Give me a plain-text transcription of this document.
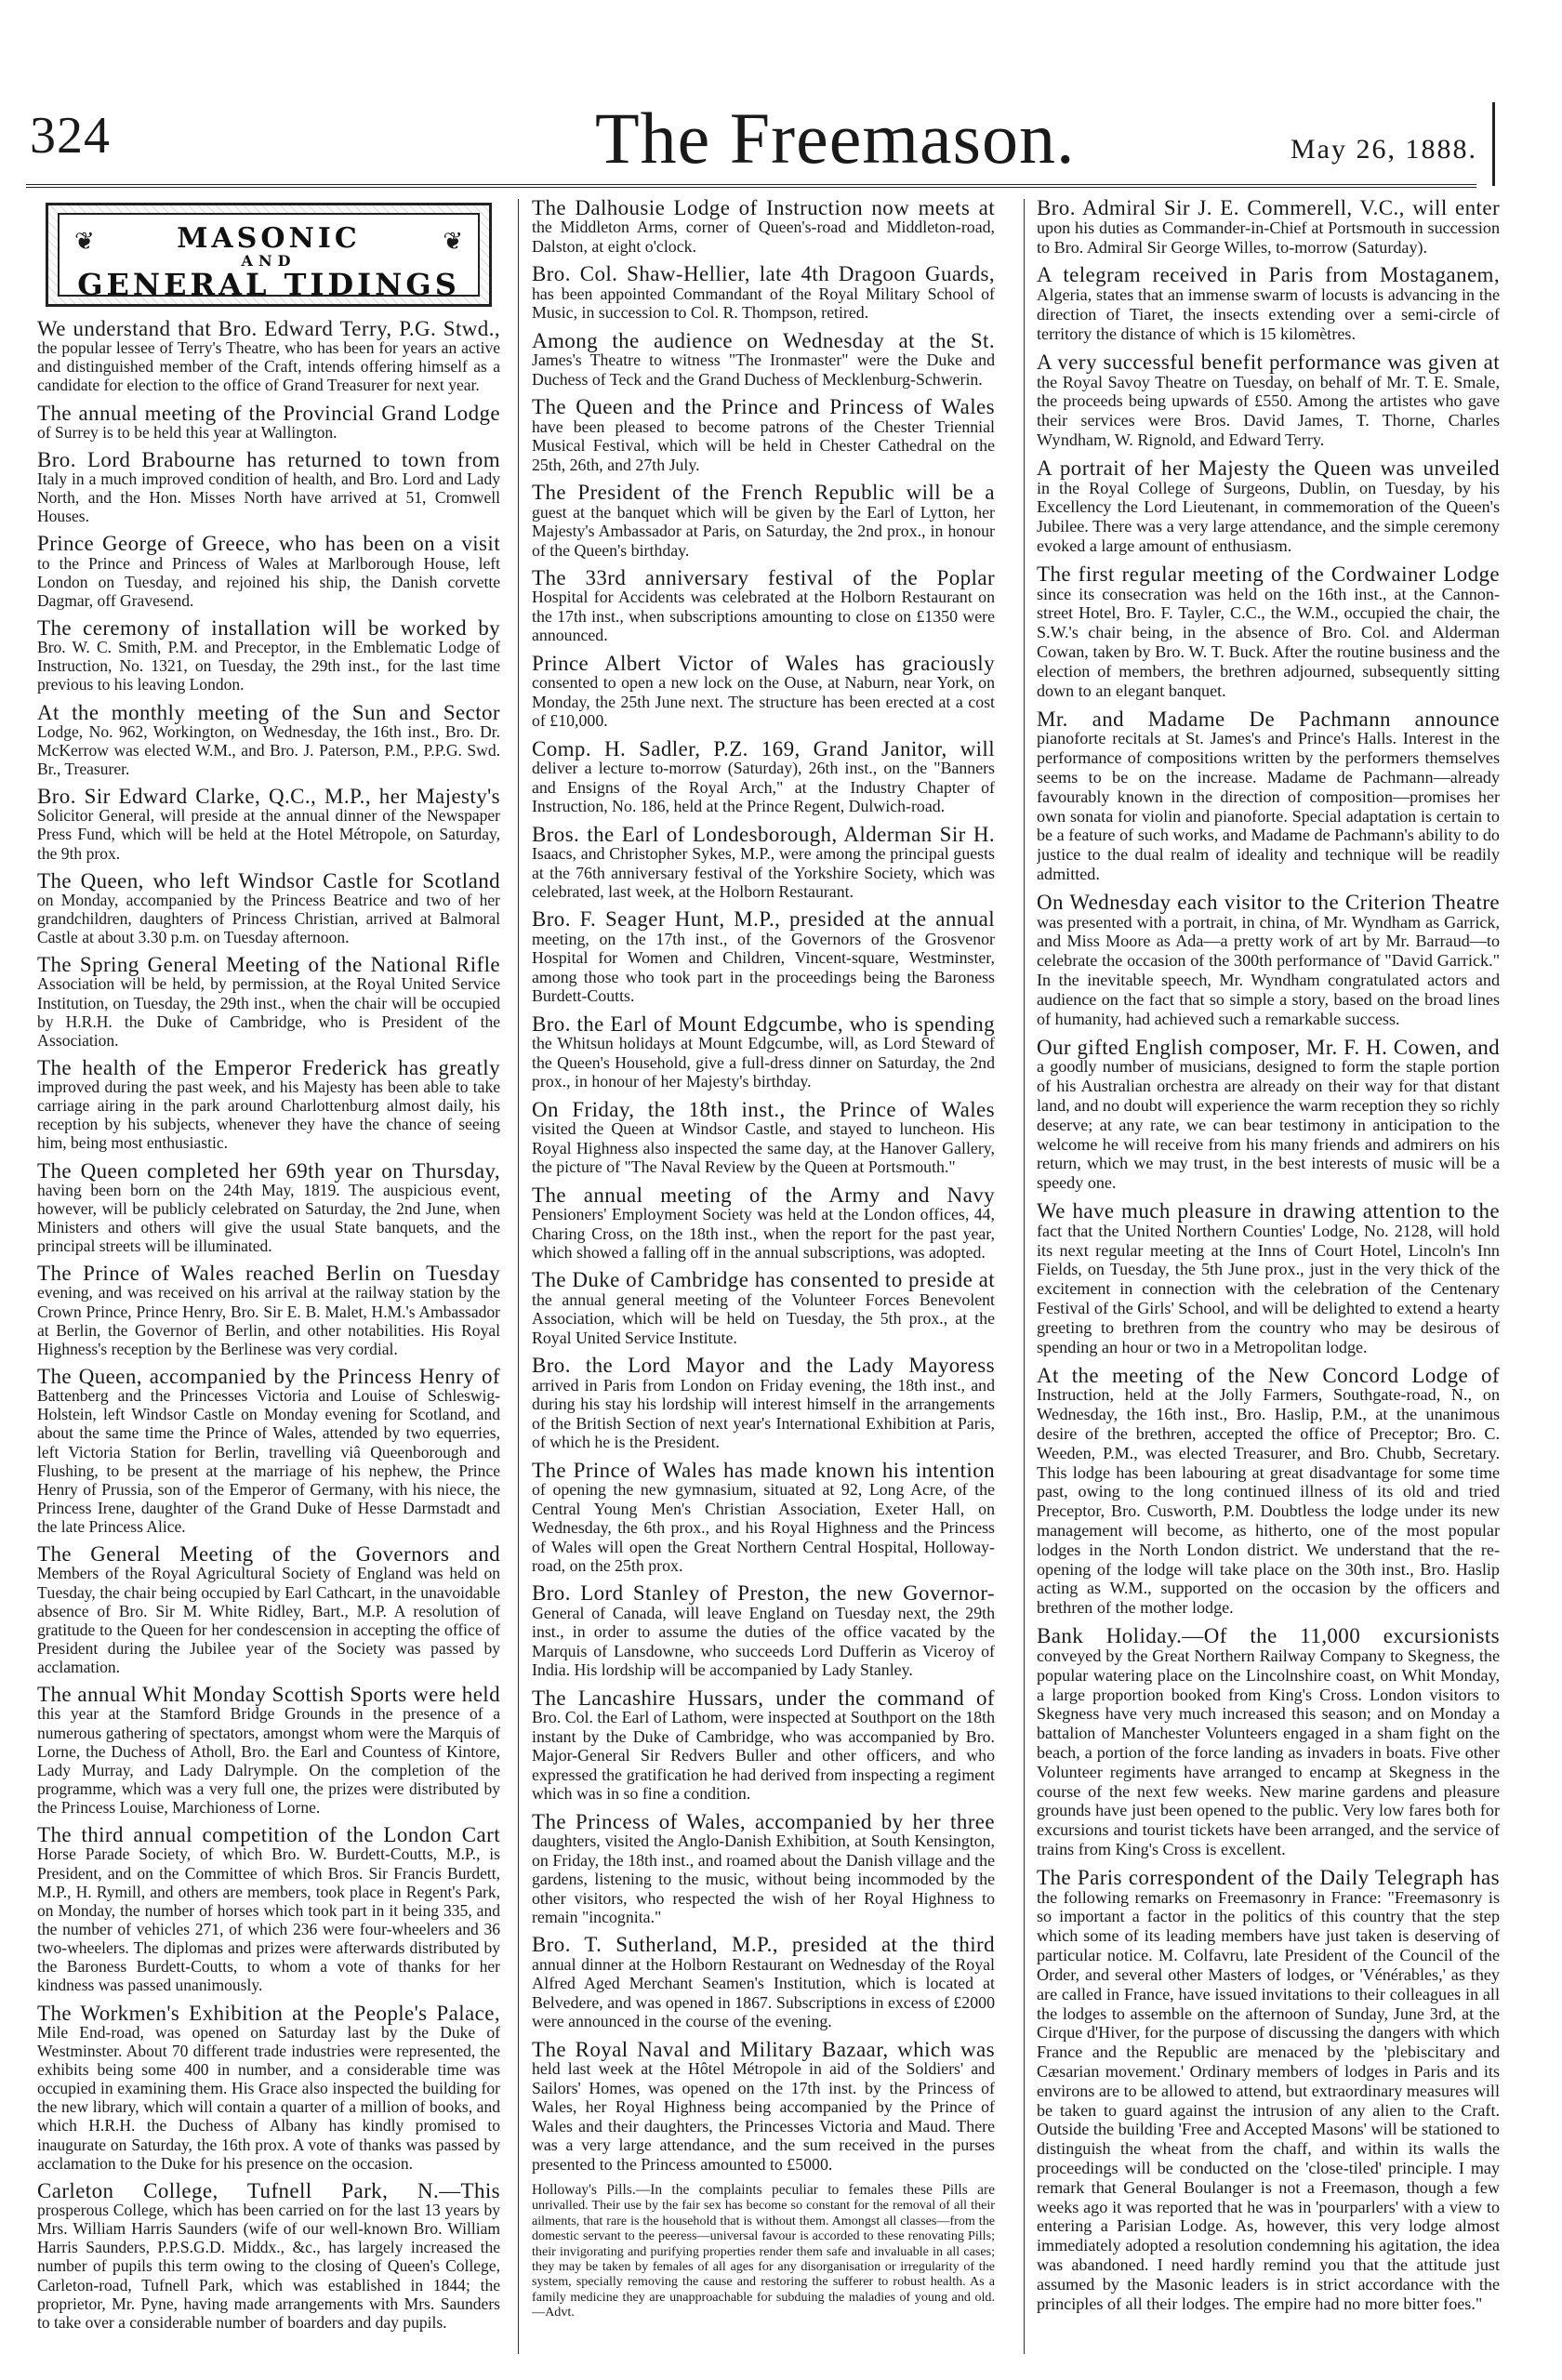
324	The Freemason.	May 26, 1888.
❦	❦
MASONIC
AND
GENERAL TIDINGS

We understand that Bro. Edward Terry, P.G. Stwd., the popular lessee of Terry's Theatre, who has been for years an active and distinguished member of the Craft, intends offering himself as a candidate for election to the office of Grand Treasurer for next year.

The annual meeting of the Provincial Grand Lodge of Surrey is to be held this year at Wallington.

Bro. Lord Brabourne has returned to town from Italy in a much improved condition of health, and Bro. Lord and Lady North, and the Hon. Misses North have arrived at 51, Cromwell Houses.

Prince George of Greece, who has been on a visit to the Prince and Princess of Wales at Marlborough House, left London on Tuesday, and rejoined his ship, the Danish corvette Dagmar, off Gravesend.

The ceremony of installation will be worked by Bro. W. C. Smith, P.M. and Preceptor, in the Emblematic Lodge of Instruction, No. 1321, on Tuesday, the 29th inst., for the last time previous to his leaving London.

At the monthly meeting of the Sun and Sector Lodge, No. 962, Workington, on Wednesday, the 16th inst., Bro. Dr. McKerrow was elected W.M., and Bro. J. Paterson, P.M., P.P.G. Swd. Br., Treasurer.

Bro. Sir Edward Clarke, Q.C., M.P., her Majesty's Solicitor General, will preside at the annual dinner of the Newspaper Press Fund, which will be held at the Hotel Métropole, on Saturday, the 9th prox.

The Queen, who left Windsor Castle for Scotland on Monday, accompanied by the Princess Beatrice and two of her grandchildren, daughters of Princess Christian, arrived at Balmoral Castle at about 3.30 p.m. on Tuesday afternoon.

The Spring General Meeting of the National Rifle Association will be held, by permission, at the Royal United Service Institution, on Tuesday, the 29th inst., when the chair will be occupied by H.R.H. the Duke of Cambridge, who is President of the Association.

The health of the Emperor Frederick has greatly improved during the past week, and his Majesty has been able to take carriage airing in the park around Charlottenburg almost daily, his reception by his subjects, whenever they have the chance of seeing him, being most enthusiastic.

The Queen completed her 69th year on Thursday, having been born on the 24th May, 1819. The auspicious event, however, will be publicly celebrated on Saturday, the 2nd June, when Ministers and others will give the usual State banquets, and the principal streets will be illuminated.

The Prince of Wales reached Berlin on Tuesday evening, and was received on his arrival at the railway station by the Crown Prince, Prince Henry, Bro. Sir E. B. Malet, H.M.'s Ambassador at Berlin, the Governor of Berlin, and other notabilities. His Royal Highness's reception by the Berlinese was very cordial.

The Queen, accompanied by the Princess Henry of Battenberg and the Princesses Victoria and Louise of Schleswig-Holstein, left Windsor Castle on Monday evening for Scotland, and about the same time the Prince of Wales, attended by two equerries, left Victoria Station for Berlin, travelling viâ Queenborough and Flushing, to be present at the marriage of his nephew, the Prince Henry of Prussia, son of the Emperor of Germany, with his niece, the Princess Irene, daughter of the Grand Duke of Hesse Darmstadt and the late Princess Alice.

The General Meeting of the Governors and Members of the Royal Agricultural Society of England was held on Tuesday, the chair being occupied by Earl Cathcart, in the unavoidable absence of Bro. Sir M. White Ridley, Bart., M.P. A resolution of gratitude to the Queen for her condescension in accepting the office of President during the Jubilee year of the Society was passed by acclamation.

The annual Whit Monday Scottish Sports were held this year at the Stamford Bridge Grounds in the presence of a numerous gathering of spectators, amongst whom were the Marquis of Lorne, the Duchess of Atholl, Bro. the Earl and Countess of Kintore, Lady Murray, and Lady Dalrymple. On the completion of the programme, which was a very full one, the prizes were distributed by the Princess Louise, Marchioness of Lorne.

The third annual competition of the London Cart Horse Parade Society, of which Bro. W. Burdett-Coutts, M.P., is President, and on the Committee of which Bros. Sir Francis Burdett, M.P., H. Rymill, and others are members, took place in Regent's Park, on Monday, the number of horses which took part in it being 335, and the number of vehicles 271, of which 236 were four-wheelers and 36 two-wheelers. The diplomas and prizes were afterwards distributed by the Baroness Burdett-Coutts, to whom a vote of thanks for her kindness was passed unanimously.

The Workmen's Exhibition at the People's Palace, Mile End-road, was opened on Saturday last by the Duke of Westminster. About 70 different trade industries were represented, the exhibits being some 400 in number, and a considerable time was occupied in examining them. His Grace also inspected the building for the new library, which will contain a quarter of a million of books, and which H.R.H. the Duchess of Albany has kindly promised to inaugurate on Saturday, the 16th prox. A vote of thanks was passed by acclamation to the Duke for his presence on the occasion.

Carleton College, Tufnell Park, N.—This prosperous College, which has been carried on for the last 13 years by Mrs. William Harris Saunders (wife of our well-known Bro. William Harris Saunders, P.P.S.G.D. Middx., &c., has largely increased the number of pupils this term owing to the closing of Queen's College, Carleton-road, Tufnell Park, which was established in 1844; the proprietor, Mr. Pyne, having made arrangements with Mrs. Saunders to take over a considerable number of boarders and day pupils.

The Dalhousie Lodge of Instruction now meets at the Middleton Arms, corner of Queen's-road and Middleton-road, Dalston, at eight o'clock.

Bro. Col. Shaw-Hellier, late 4th Dragoon Guards, has been appointed Commandant of the Royal Military School of Music, in succession to Col. R. Thompson, retired.

Among the audience on Wednesday at the St. James's Theatre to witness "The Ironmaster" were the Duke and Duchess of Teck and the Grand Duchess of Mecklenburg-Schwerin.

The Queen and the Prince and Princess of Wales have been pleased to become patrons of the Chester Triennial Musical Festival, which will be held in Chester Cathedral on the 25th, 26th, and 27th July.

The President of the French Republic will be a guest at the banquet which will be given by the Earl of Lytton, her Majesty's Ambassador at Paris, on Saturday, the 2nd prox., in honour of the Queen's birthday.

The 33rd anniversary festival of the Poplar Hospital for Accidents was celebrated at the Holborn Restaurant on the 17th inst., when subscriptions amounting to close on £1350 were announced.

Prince Albert Victor of Wales has graciously consented to open a new lock on the Ouse, at Naburn, near York, on Monday, the 25th June next. The structure has been erected at a cost of £10,000.

Comp. H. Sadler, P.Z. 169, Grand Janitor, will deliver a lecture to-morrow (Saturday), 26th inst., on the "Banners and Ensigns of the Royal Arch," at the Industry Chapter of Instruction, No. 186, held at the Prince Regent, Dulwich-road.

Bros. the Earl of Londesborough, Alderman Sir H. Isaacs, and Christopher Sykes, M.P., were among the principal guests at the 76th anniversary festival of the Yorkshire Society, which was celebrated, last week, at the Holborn Restaurant.

Bro. F. Seager Hunt, M.P., presided at the annual meeting, on the 17th inst., of the Governors of the Grosvenor Hospital for Women and Children, Vincent-square, Westminster, among those who took part in the proceedings being the Baroness Burdett-Coutts.

Bro. the Earl of Mount Edgcumbe, who is spending the Whitsun holidays at Mount Edgcumbe, will, as Lord Steward of the Queen's Household, give a full-dress dinner on Saturday, the 2nd prox., in honour of her Majesty's birthday.

On Friday, the 18th inst., the Prince of Wales visited the Queen at Windsor Castle, and stayed to luncheon. His Royal Highness also inspected the same day, at the Hanover Gallery, the picture of "The Naval Review by the Queen at Portsmouth."

The annual meeting of the Army and Navy Pensioners' Employment Society was held at the London offices, 44, Charing Cross, on the 18th inst., when the report for the past year, which showed a falling off in the annual subscriptions, was adopted.

The Duke of Cambridge has consented to preside at the annual general meeting of the Volunteer Forces Benevolent Association, which will be held on Tuesday, the 5th prox., at the Royal United Service Institute.

Bro. the Lord Mayor and the Lady Mayoress arrived in Paris from London on Friday evening, the 18th inst., and during his stay his lordship will interest himself in the arrangements of the British Section of next year's International Exhibition at Paris, of which he is the President.

The Prince of Wales has made known his intention of opening the new gymnasium, situated at 92, Long Acre, of the Central Young Men's Christian Association, Exeter Hall, on Wednesday, the 6th prox., and his Royal Highness and the Princess of Wales will open the Great Northern Central Hospital, Holloway-road, on the 25th prox.

Bro. Lord Stanley of Preston, the new Governor-General of Canada, will leave England on Tuesday next, the 29th inst., in order to assume the duties of the office vacated by the Marquis of Lansdowne, who succeeds Lord Dufferin as Viceroy of India. His lordship will be accompanied by Lady Stanley.

The Lancashire Hussars, under the command of Bro. Col. the Earl of Lathom, were inspected at Southport on the 18th instant by the Duke of Cambridge, who was accompanied by Bro. Major-General Sir Redvers Buller and other officers, and who expressed the gratification he had derived from inspecting a regiment which was in so fine a condition.

The Princess of Wales, accompanied by her three daughters, visited the Anglo-Danish Exhibition, at South Kensington, on Friday, the 18th inst., and roamed about the Danish village and the gardens, listening to the music, without being incommoded by the other visitors, who respected the wish of her Royal Highness to remain "incognita."

Bro. T. Sutherland, M.P., presided at the third annual dinner at the Holborn Restaurant on Wednesday of the Royal Alfred Aged Merchant Seamen's Institution, which is located at Belvedere, and was opened in 1867. Subscriptions in excess of £2000 were announced in the course of the evening.

The Royal Naval and Military Bazaar, which was held last week at the Hôtel Métropole in aid of the Soldiers' and Sailors' Homes, was opened on the 17th inst. by the Princess of Wales, her Royal Highness being accompanied by the Prince of Wales and their daughters, the Princesses Victoria and Maud. There was a very large attendance, and the sum received in the purses presented to the Princess amounted to £5000.

Holloway's Pills.—In the complaints peculiar to females these Pills are unrivalled. Their use by the fair sex has become so constant for the removal of all their ailments, that rare is the household that is without them. Amongst all classes—from the domestic servant to the peeress—universal favour is accorded to these renovating Pills; their invigorating and purifying properties render them safe and invaluable in all cases; they may be taken by females of all ages for any disorganisation or irregularity of the system, specially removing the cause and restoring the sufferer to robust health. As a family medicine they are unapproachable for subduing the maladies of young and old.—Advt.

Bro. Admiral Sir J. E. Commerell, V.C., will enter upon his duties as Commander-in-Chief at Portsmouth in succession to Bro. Admiral Sir George Willes, to-morrow (Saturday).

A telegram received in Paris from Mostaganem, Algeria, states that an immense swarm of locusts is advancing in the direction of Tiaret, the insects extending over a semi-circle of territory the distance of which is 15 kilomètres.

A very successful benefit performance was given at the Royal Savoy Theatre on Tuesday, on behalf of Mr. T. E. Smale, the proceeds being upwards of £550. Among the artistes who gave their services were Bros. David James, T. Thorne, Charles Wyndham, W. Rignold, and Edward Terry.

A portrait of her Majesty the Queen was unveiled in the Royal College of Surgeons, Dublin, on Tuesday, by his Excellency the Lord Lieutenant, in commemoration of the Queen's Jubilee. There was a very large attendance, and the simple ceremony evoked a large amount of enthusiasm.

The first regular meeting of the Cordwainer Lodge since its consecration was held on the 16th inst., at the Cannon-street Hotel, Bro. F. Tayler, C.C., the W.M., occupied the chair, the S.W.'s chair being, in the absence of Bro. Col. and Alderman Cowan, taken by Bro. W. T. Buck. After the routine business and the election of members, the brethren adjourned, subsequently sitting down to an elegant banquet.

Mr. and Madame De Pachmann announce pianoforte recitals at St. James's and Prince's Halls. Interest in the performance of compositions written by the performers themselves seems to be on the increase. Madame de Pachmann—already favourably known in the direction of composition—promises her own sonata for violin and pianoforte. Special adaptation is certain to be a feature of such works, and Madame de Pachmann's ability to do justice to the dual realm of ideality and technique will be readily admitted.

On Wednesday each visitor to the Criterion Theatre was presented with a portrait, in china, of Mr. Wyndham as Garrick, and Miss Moore as Ada—a pretty work of art by Mr. Barraud—to celebrate the occasion of the 300th performance of "David Garrick." In the inevitable speech, Mr. Wyndham congratulated actors and audience on the fact that so simple a story, based on the broad lines of humanity, had achieved such a remarkable success.

Our gifted English composer, Mr. F. H. Cowen, and a goodly number of musicians, designed to form the staple portion of his Australian orchestra are already on their way for that distant land, and no doubt will experience the warm reception they so richly deserve; at any rate, we can bear testimony in anticipation to the welcome he will receive from his many friends and admirers on his return, which we may trust, in the best interests of music will be a speedy one.

We have much pleasure in drawing attention to the fact that the United Northern Counties' Lodge, No. 2128, will hold its next regular meeting at the Inns of Court Hotel, Lincoln's Inn Fields, on Tuesday, the 5th June prox., just in the very thick of the excitement in connection with the celebration of the Centenary Festival of the Girls' School, and will be delighted to extend a hearty greeting to brethren from the country who may be desirous of spending an hour or two in a Metropolitan lodge.

At the meeting of the New Concord Lodge of Instruction, held at the Jolly Farmers, Southgate-road, N., on Wednesday, the 16th inst., Bro. Haslip, P.M., at the unanimous desire of the brethren, accepted the office of Preceptor; Bro. C. Weeden, P.M., was elected Treasurer, and Bro. Chubb, Secretary. This lodge has been labouring at great disadvantage for some time past, owing to the long continued illness of its old and tried Preceptor, Bro. Cusworth, P.M. Doubtless the lodge under its new management will become, as hitherto, one of the most popular lodges in the North London district. We understand that the re-opening of the lodge will take place on the 30th inst., Bro. Haslip acting as W.M., supported on the occasion by the officers and brethren of the mother lodge.

Bank Holiday.—Of the 11,000 excursionists conveyed by the Great Northern Railway Company to Skegness, the popular watering place on the Lincolnshire coast, on Whit Monday, a large proportion booked from King's Cross. London visitors to Skegness have very much increased this season; and on Monday a battalion of Manchester Volunteers engaged in a sham fight on the beach, a portion of the force landing as invaders in boats. Five other Volunteer regiments have arranged to encamp at Skegness in the course of the next few weeks. New marine gardens and pleasure grounds have just been opened to the public. Very low fares both for excursions and tourist tickets have been arranged, and the service of trains from King's Cross is excellent.

The Paris correspondent of the Daily Telegraph has the following remarks on Freemasonry in France: "Freemasonry is so important a factor in the politics of this country that the step which some of its leading members have just taken is deserving of particular notice. M. Colfavru, late President of the Council of the Order, and several other Masters of lodges, or 'Vénérables,' as they are called in France, have issued invitations to their colleagues in all the lodges to assemble on the afternoon of Sunday, June 3rd, at the Cirque d'Hiver, for the purpose of discussing the dangers with which France and the Republic are menaced by the 'plebiscitary and Cæsarian movement.' Ordinary members of lodges in Paris and its environs are to be allowed to attend, but extraordinary measures will be taken to guard against the intrusion of any alien to the Craft. Outside the building 'Free and Accepted Masons' will be stationed to distinguish the wheat from the chaff, and within its walls the proceedings will be conducted on the 'close-tiled' principle. I may remark that General Boulanger is not a Freemason, though a few weeks ago it was reported that he was in 'pourparlers' with a view to entering a Parisian Lodge. As, however, this very lodge almost immediately adopted a resolution condemning his agitation, the idea was abandoned. I need hardly remind you that the attitude just assumed by the Masonic leaders is in strict accordance with the principles of all their lodges. The empire had no more bitter foes."
